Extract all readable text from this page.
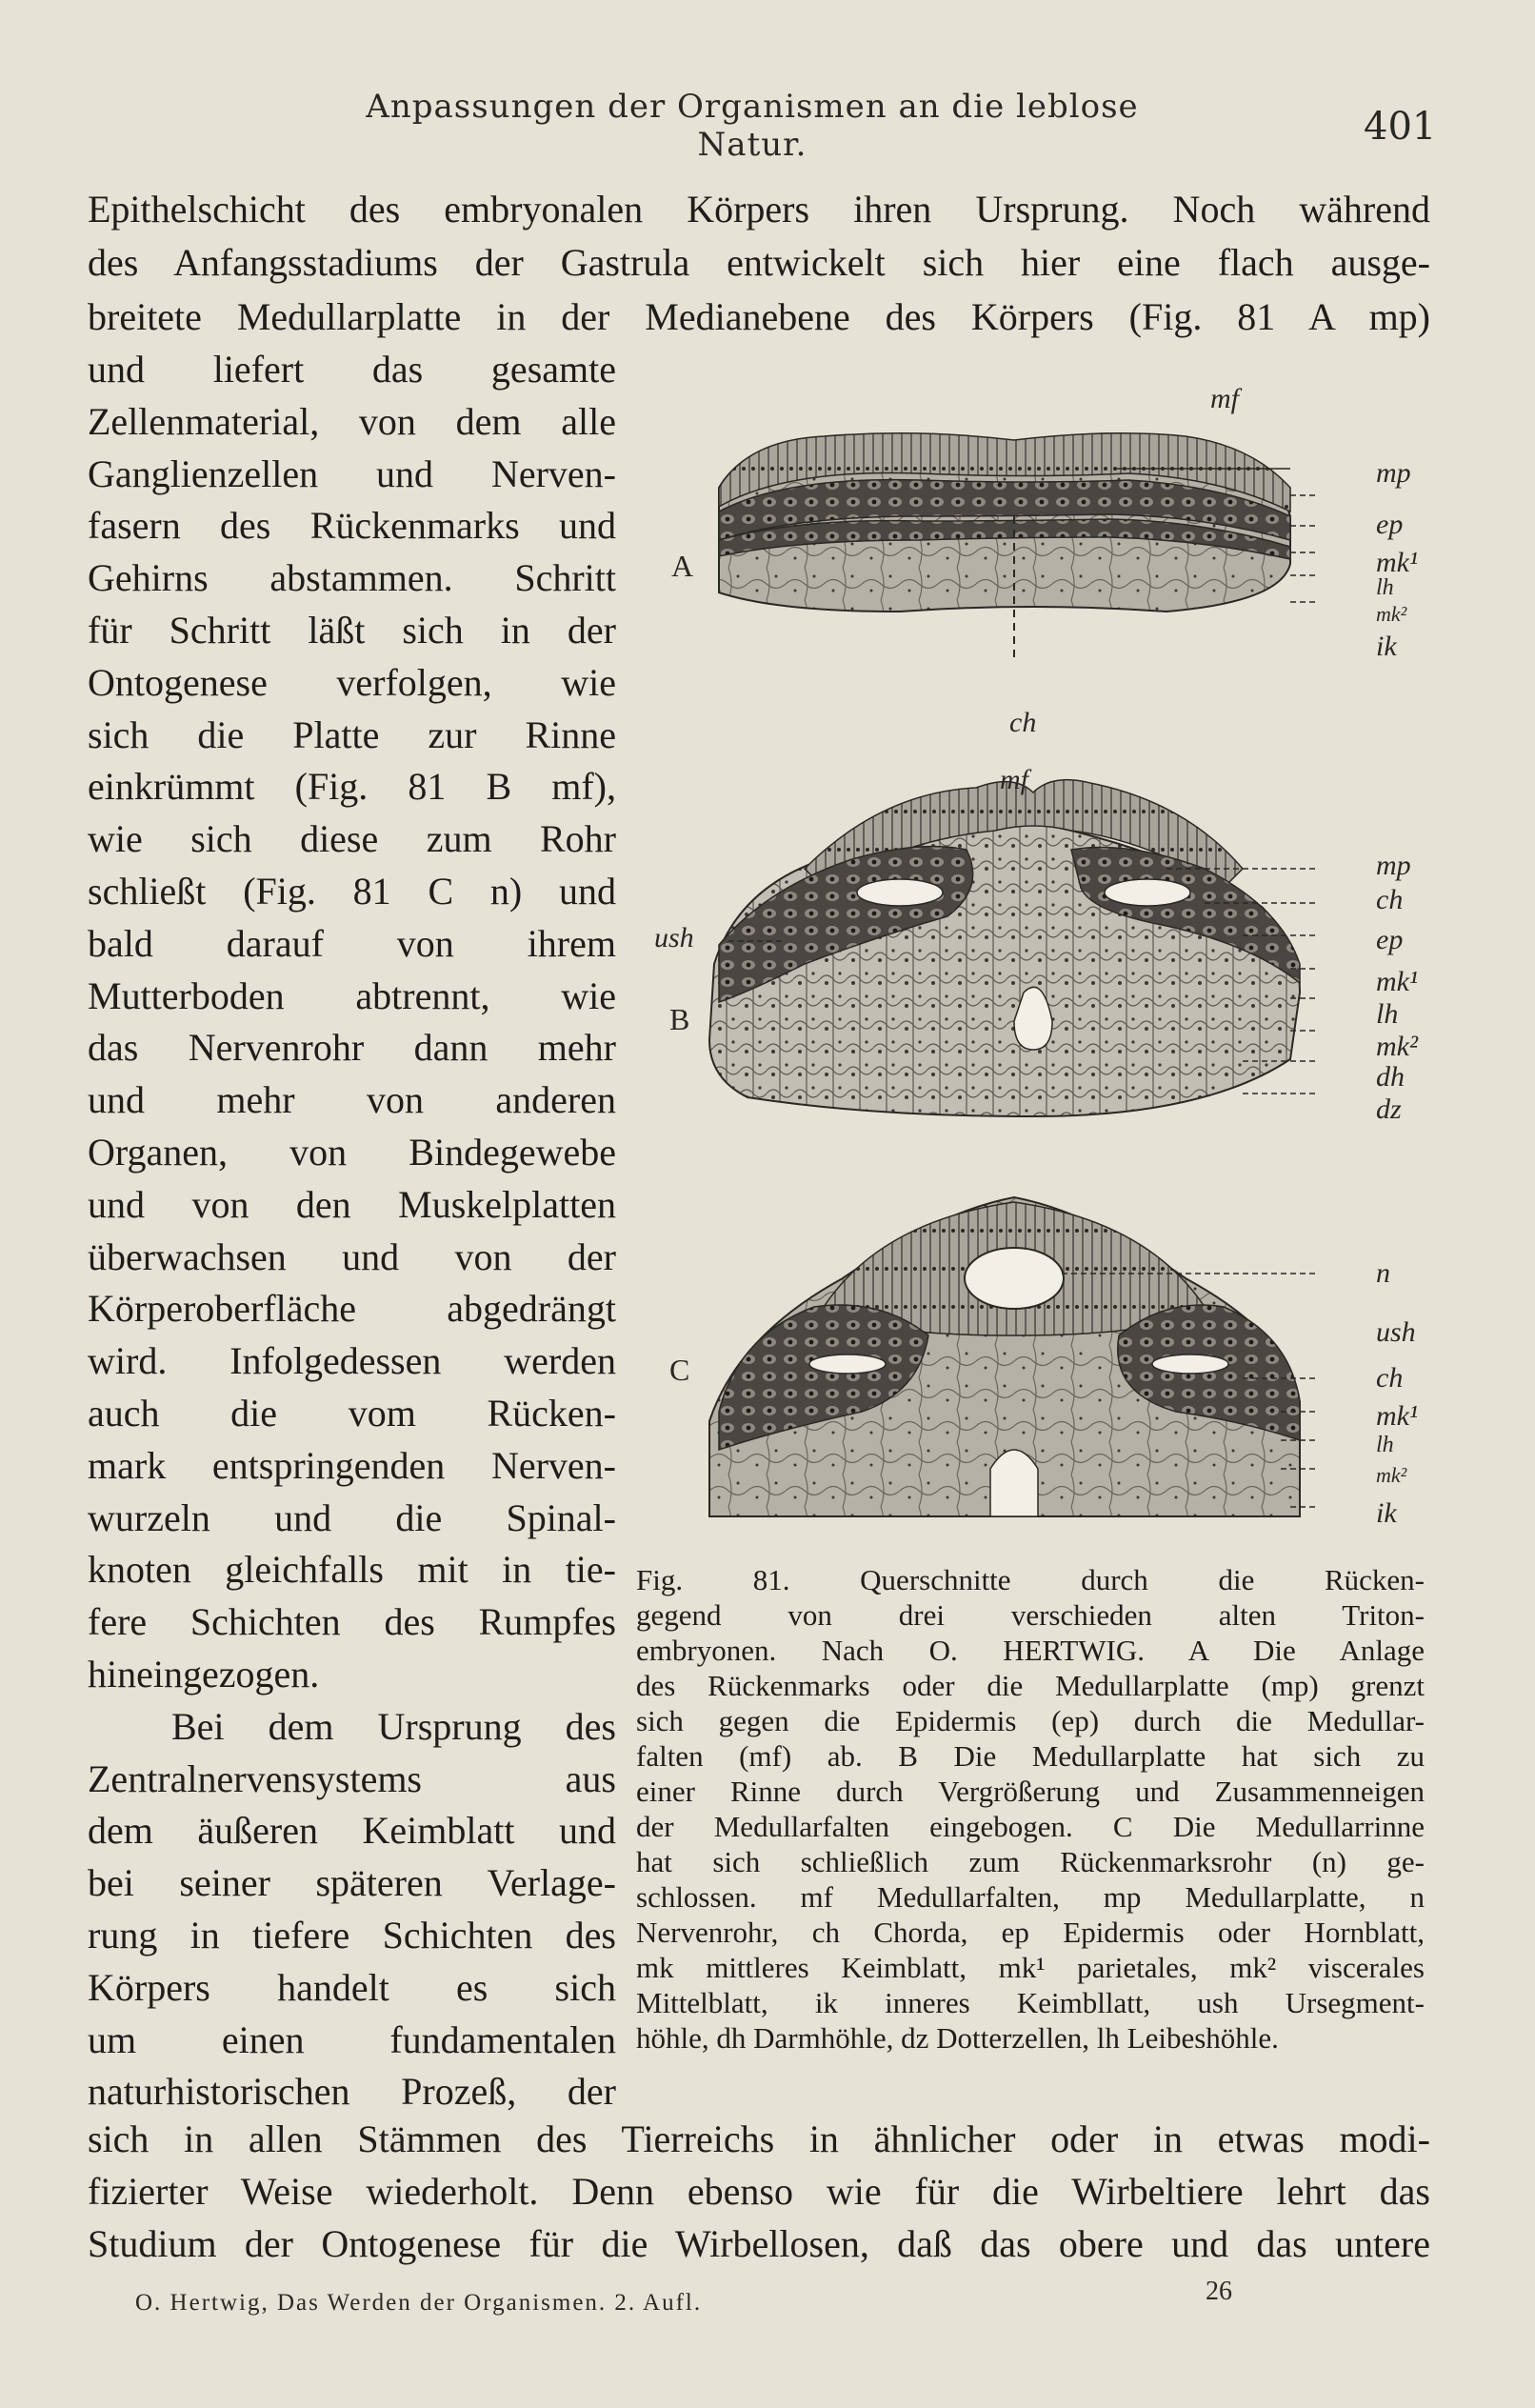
Anpassungen der Organismen an die leblose Natur.	401
Epithelschicht des embryonalen Körpers ihren Ursprung. Noch während
des Anfangsstadiums der Gastrula entwickelt sich hier eine flach ausge-
breitete Medullarplatte in der Medianebene des Körpers (Fig. 81 A mp)
und liefert das gesamte
Zellenmaterial, von dem alle
Ganglienzellen und Nerven-
fasern des Rückenmarks und
Gehirns abstammen. Schritt
für Schritt läßt sich in der
Ontogenese verfolgen, wie
sich die Platte zur Rinne
einkrümmt (Fig. 81 B mf),
wie sich diese zum Rohr
schließt (Fig. 81 C n) und
bald darauf von ihrem
Mutterboden abtrennt, wie
das Nervenrohr dann mehr
und mehr von anderen
Organen, von Bindegewebe
und von den Muskelplatten
überwachsen und von der
Körperoberfläche abgedrängt
wird. Infolgedessen werden
auch die vom Rücken-
mark entspringenden Nerven-
wurzeln und die Spinal-
knoten gleichfalls mit in tie-
fere Schichten des Rumpfes
hineingezogen.
Bei dem Ursprung des
Zentralnervensystems aus
dem äußeren Keimblatt und
bei seiner späteren Verlage-
rung in tiefere Schichten des
Körpers handelt es sich
um einen fundamentalen
naturhistorischen Prozeß, der
sich in allen Stämmen des Tierreichs in ähnlicher oder in etwas modi-
fizierter Weise wiederholt. Denn ebenso wie für die Wirbeltiere lehrt das
Studium der Ontogenese für die Wirbellosen, daß das obere und das untere
A
mf
ch
mp
ep
mk¹
lh
mk²
ik
B
mf
ush
mp
ch
ep
mk¹
lh
mk²
dh
dz
C
n
ush
ch
mk¹
lh
mk²
ik
Fig. 81. Querschnitte durch die Rücken-
gegend von drei verschieden alten Triton-
embryonen. Nach O. HERTWIG. A Die Anlage
des Rückenmarks oder die Medullarplatte (mp) grenzt
sich gegen die Epidermis (ep) durch die Medullar-
falten (mf) ab. B Die Medullarplatte hat sich zu
einer Rinne durch Vergrößerung und Zusammenneigen
der Medullarfalten eingebogen. C Die Medullarrinne
hat sich schließlich zum Rückenmarksrohr (n) ge-
schlossen. mf Medullarfalten, mp Medullarplatte, n
Nervenrohr, ch Chorda, ep Epidermis oder Hornblatt,
mk mittleres Keimblatt, mk¹ parietales, mk² viscerales
Mittelblatt, ik inneres Keimbllatt, ush Ursegment-
höhle, dh Darmhöhle, dz Dotterzellen, lh Leibeshöhle.
O. Hertwig, Das Werden der Organismen. 2. Aufl.	26
